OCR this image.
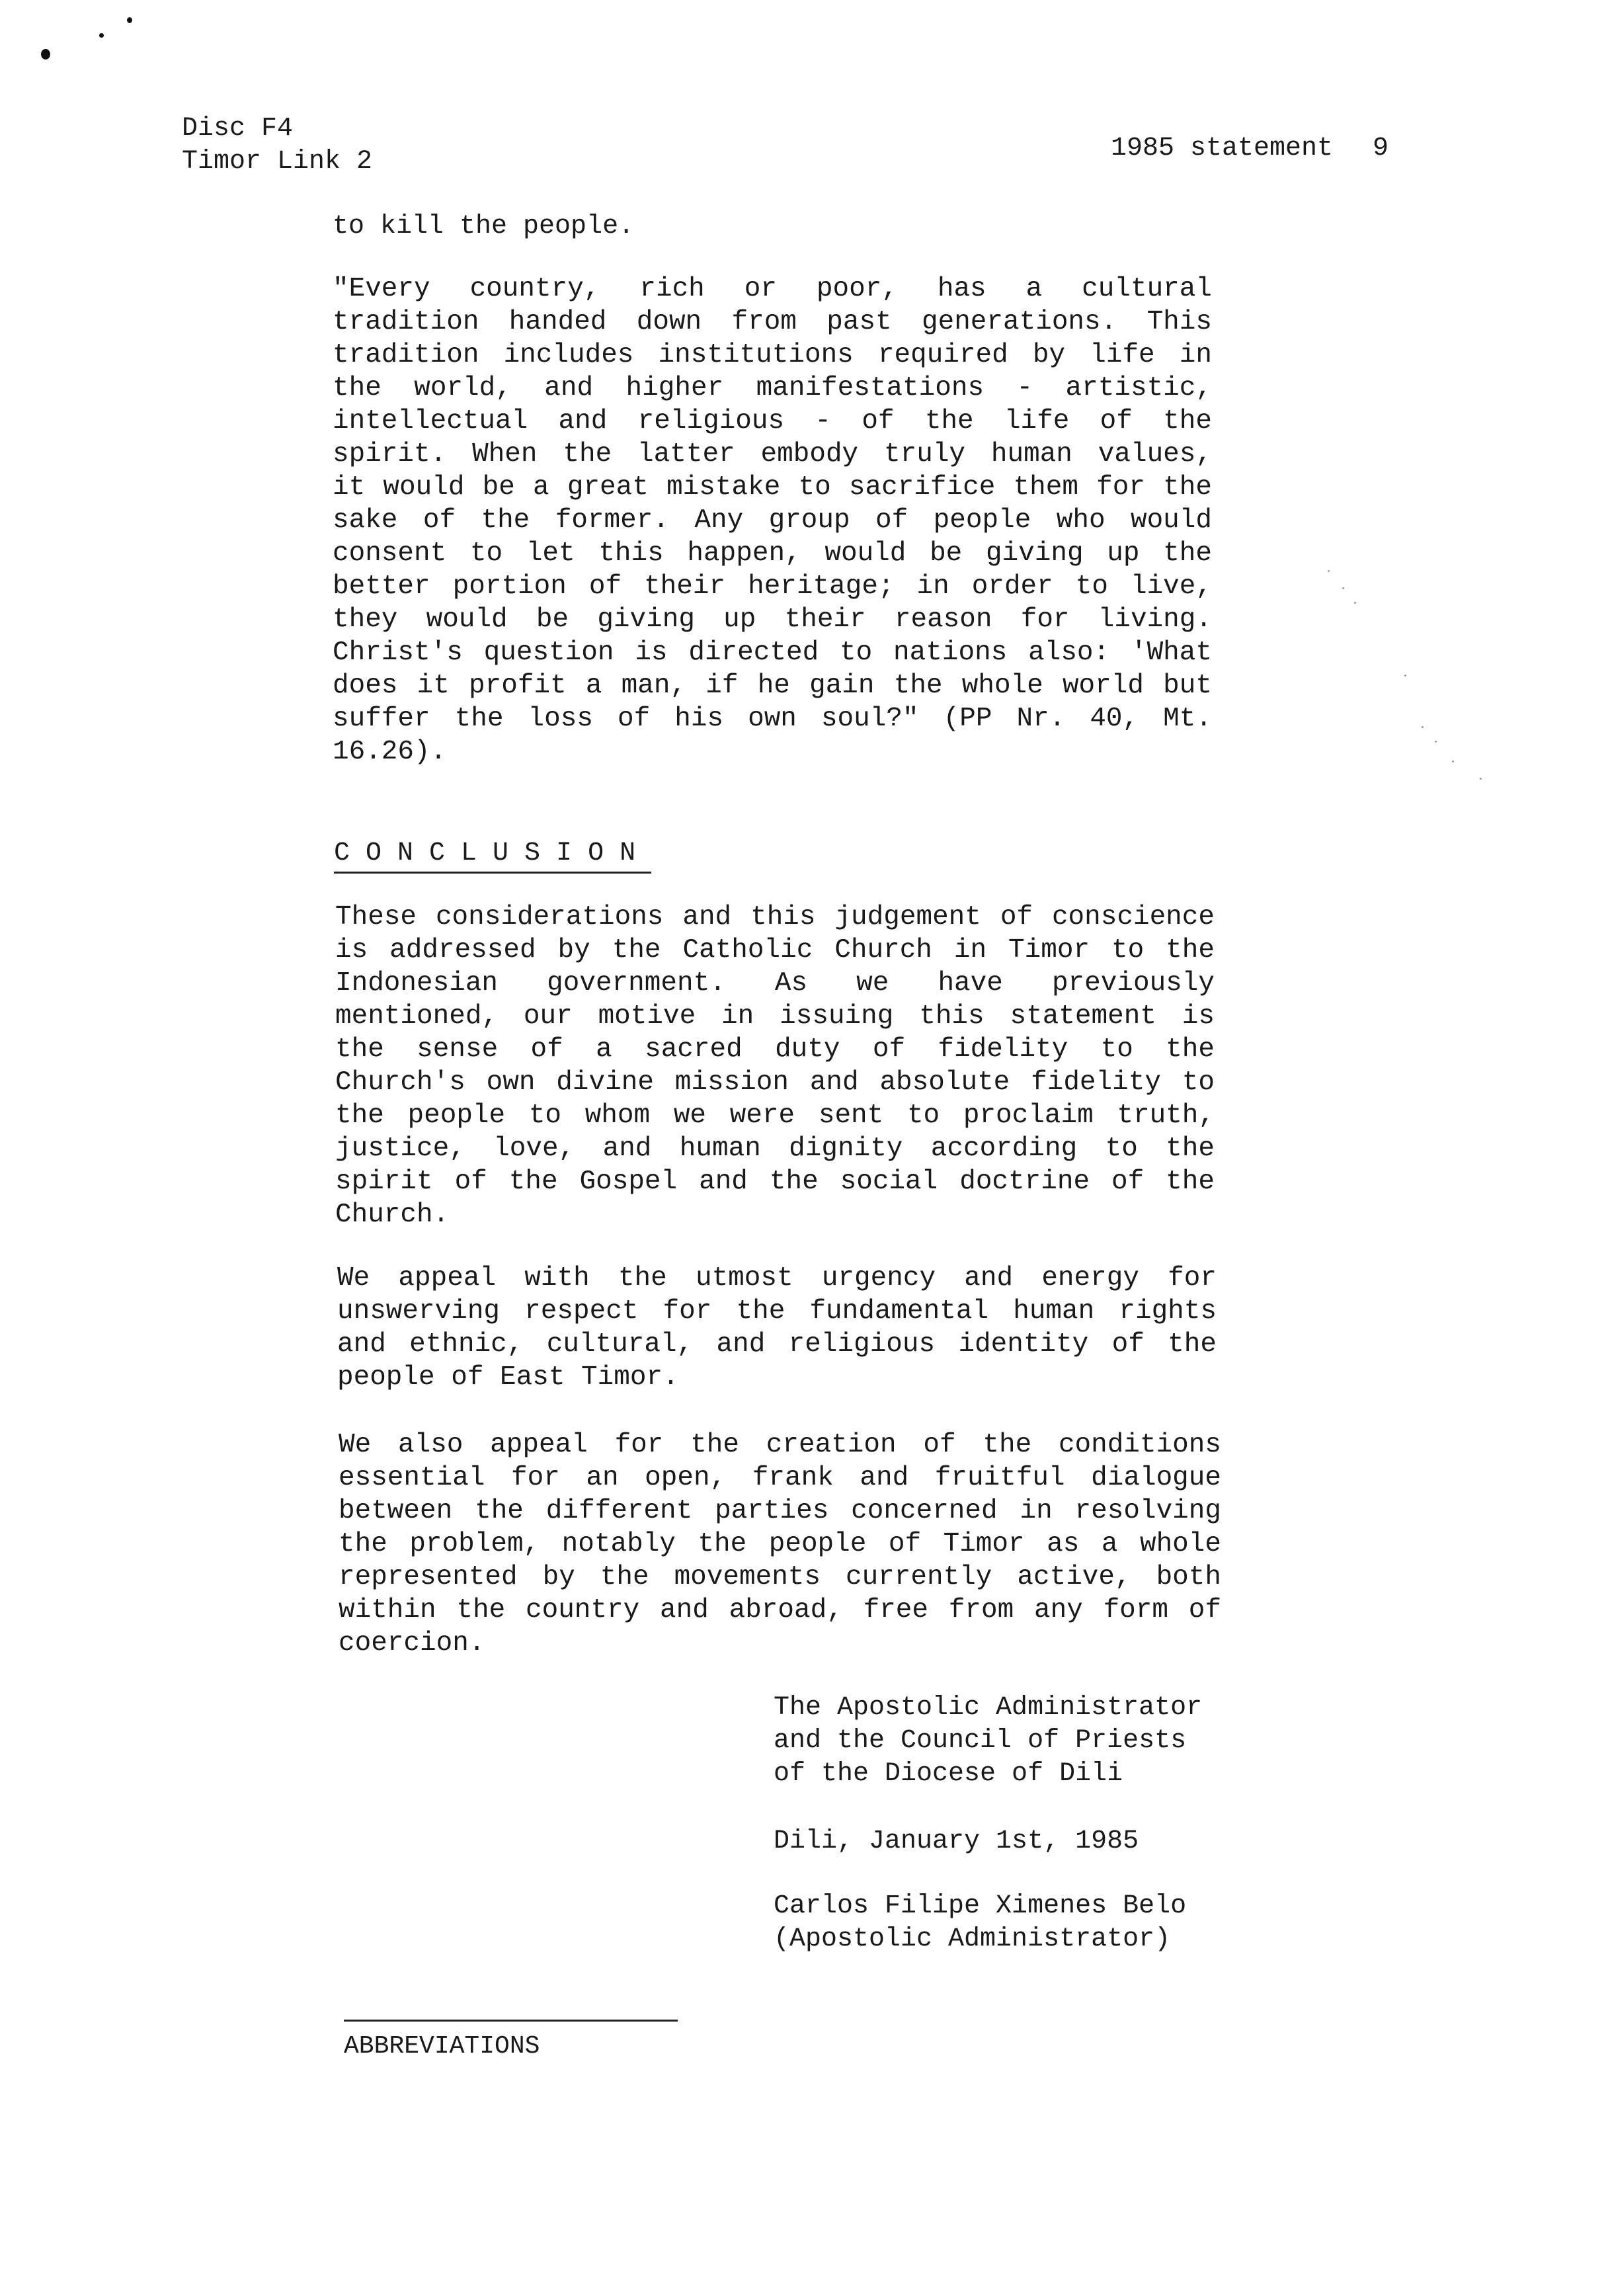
Disc F4
Timor Link 2	1985 statement 9
to kill the people.
"Every country, rich or poor, has a cultural
tradition handed down from past generations. This
tradition includes institutions required by life in
the world, and higher manifestations - artistic,
intellectual and religious - of the life of the
spirit. When the latter embody truly human values,
it would be a great mistake to sacrifice them for the
sake of the former. Any group of people who would
consent to let this happen, would be giving up the
better portion of their heritage; in order to live,
they would be giving up their reason for living.
Christ's question is directed to nations also: 'What
does it profit a man, if he gain the whole world but
suffer the loss of his own soul?" (PP Nr. 40, Mt.
16.26).
C O N C L U S I O N
These considerations and this judgement of conscience
is addressed by the Catholic Church in Timor to the
Indonesian government. As we have previously
mentioned, our motive in issuing this statement is
the sense of a sacred duty of fidelity to the
Church's own divine mission and absolute fidelity to
the people to whom we were sent to proclaim truth,
justice, love, and human dignity according to the
spirit of the Gospel and the social doctrine of the
Church.
We appeal with the utmost urgency and energy for
unswerving respect for the fundamental human rights
and ethnic, cultural, and religious identity of the
people of East Timor.
We also appeal for the creation of the conditions
essential for an open, frank and fruitful dialogue
between the different parties concerned in resolving
the problem, notably the people of Timor as a whole
represented by the movements currently active, both
within the country and abroad, free from any form of
coercion.
The Apostolic Administrator
and the Council of Priests
of the Diocese of Dili
Dili, January 1st, 1985
Carlos Filipe Ximenes Belo
(Apostolic Administrator)
ABBREVIATIONS
